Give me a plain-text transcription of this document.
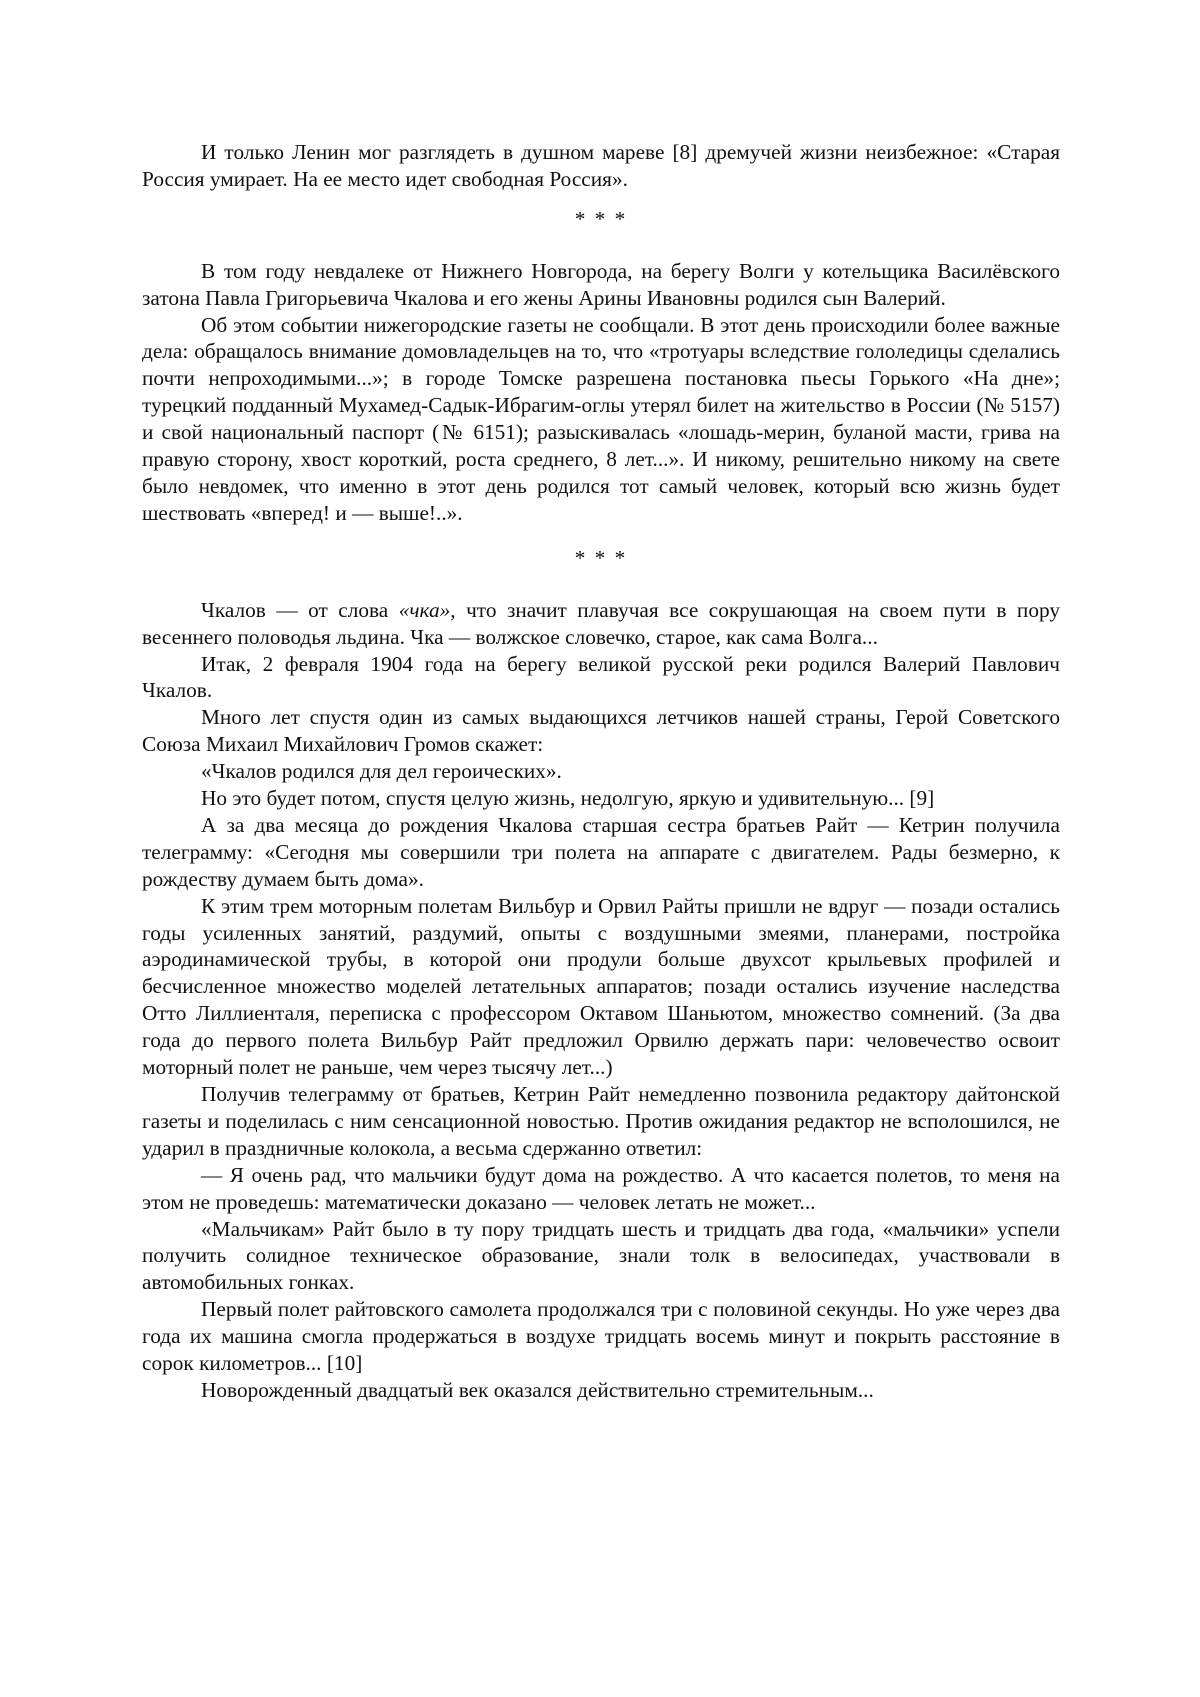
И только Ленин мог разглядеть в душном мареве [8] дремучей жизни неизбежное: «Старая Россия умирает. На ее место идет свободная Россия».

* * *

В том году невдалеке от Нижнего Новгорода, на берегу Волги у котельщика Василёвского затона Павла Григорьевича Чкалова и его жены Арины Ивановны родился сын Валерий.

Об этом событии нижегородские газеты не сообщали. В этот день происходили более важные дела: обращалось внимание домовладельцев на то, что «тротуары вследствие гололедицы сделались почти непроходимыми...»; в городе Томске разрешена постановка пьесы Горького «На дне»; турецкий подданный Мухамед-Садык-Ибрагим-оглы утерял билет на жительство в России (№ 5157) и свой национальный паспорт (№ 6151); разыскивалась «лошадь-мерин, буланой масти, грива на правую сторону, хвост короткий, роста среднего, 8 лет...». И никому, решительно никому на свете было невдомек, что именно в этот день родился тот самый человек, который всю жизнь будет шествовать «вперед! и — выше!..».

* * *

Чкалов — от слова «чка», что значит плавучая все сокрушающая на своем пути в пору весеннего половодья льдина. Чка — волжское словечко, старое, как сама Волга...

Итак, 2 февраля 1904 года на берегу великой русской реки родился Валерий Павлович Чкалов.

Много лет спустя один из самых выдающихся летчиков нашей страны, Герой Советского Союза Михаил Михайлович Громов скажет:

«Чкалов родился для дел героических».

Но это будет потом, спустя целую жизнь, недолгую, яркую и удивительную... [9]

А за два месяца до рождения Чкалова старшая сестра братьев Райт — Кетрин получила телеграмму: «Сегодня мы совершили три полета на аппарате с двигателем. Рады безмерно, к рождеству думаем быть дома».

К этим трем моторным полетам Вильбур и Орвил Райты пришли не вдруг — позади остались годы усиленных занятий, раздумий, опыты с воздушными змеями, планерами, постройка аэродинамической трубы, в которой они продули больше двухсот крыльевых профилей и бесчисленное множество моделей летательных аппаратов; позади остались изучение наследства Отто Лиллиенталя, переписка с профессором Октавом Шаньютом, множество сомнений. (За два года до первого полета Вильбур Райт предложил Орвилю держать пари: человечество освоит моторный полет не раньше, чем через тысячу лет...)

Получив телеграмму от братьев, Кетрин Райт немедленно позвонила редактору дайтонской газеты и поделилась с ним сенсационной новостью. Против ожидания редактор не всполошился, не ударил в праздничные колокола, а весьма сдержанно ответил:

— Я очень рад, что мальчики будут дома на рождество. А что касается полетов, то меня на этом не проведешь: математически доказано — человек летать не может...

«Мальчикам» Райт было в ту пору тридцать шесть и тридцать два года, «мальчики» успели получить солидное техническое образование, знали толк в велосипедах, участвовали в автомобильных гонках.

Первый полет райтовского самолета продолжался три с половиной секунды. Но уже через два года их машина смогла продержаться в воздухе тридцать восемь минут и покрыть расстояние в сорок километров... [10]

Новорожденный двадцатый век оказался действительно стремительным...
